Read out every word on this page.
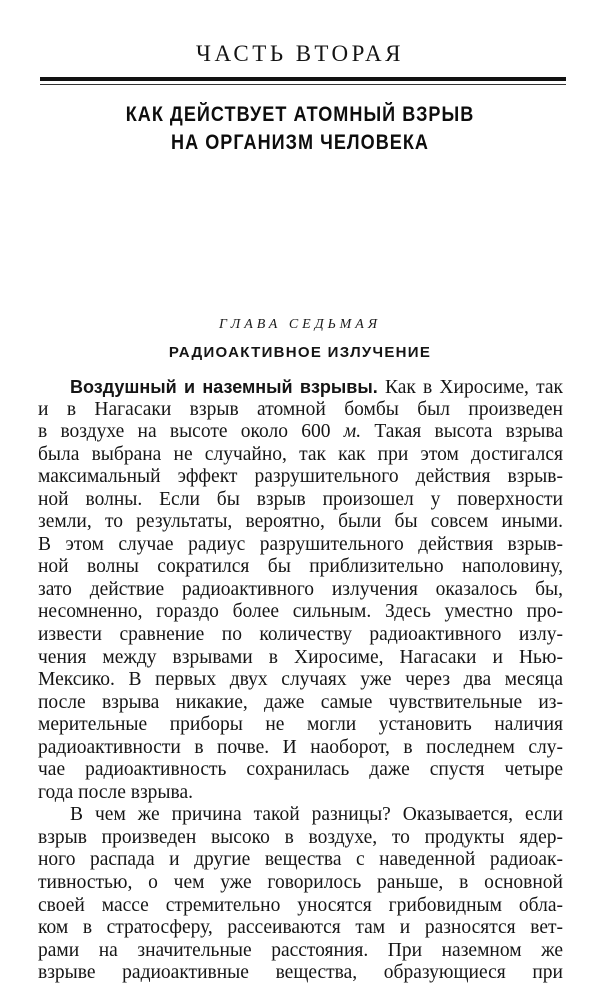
ЧАСТЬ ВТОРАЯ
КАК ДЕЙСТВУЕТ АТОМНЫЙ ВЗРЫВ
НА ОРГАНИЗМ ЧЕЛОВЕКА
ГЛАВА СЕДЬМАЯ
РАДИОАКТИВНОЕ ИЗЛУЧЕНИЕ
Воздушный и наземный взрывы. Как в Хиросиме, так
и в Нагасаки взрыв атомной бомбы был произведен
в воздухе на высоте около 600 м. Такая высота взрыва
была выбрана не случайно, так как при этом достигался
максимальный эффект разрушительного действия взрыв-
ной волны. Если бы взрыв произошел у поверхности
земли, то результаты, вероятно, были бы совсем иными.
В этом случае радиус разрушительного действия взрыв-
ной волны сократился бы приблизительно наполовину,
зато действие радиоактивного излучения оказалось бы,
несомненно, гораздо более сильным. Здесь уместно про-
извести сравнение по количеству радиоактивного излу-
чения между взрывами в Хиросиме, Нагасаки и Нью-
Мексико. В первых двух случаях уже через два месяца
после взрыва никакие, даже самые чувствительные из-
мерительные приборы не могли установить наличия
радиоактивности в почве. И наоборот, в последнем слу-
чае радиоактивность сохранилась даже спустя четыре
года после взрыва.
В чем же причина такой разницы? Оказывается, если
взрыв произведен высоко в воздухе, то продукты ядер-
ного распада и другие вещества с наведенной радиоак-
тивностью, о чем уже говорилось раньше, в основной
своей массе стремительно уносятся грибовидным обла-
ком в стратосферу, рассеиваются там и разносятся вет-
рами на значительные расстояния. При наземном же
взрыве радиоактивные вещества, образующиеся при
